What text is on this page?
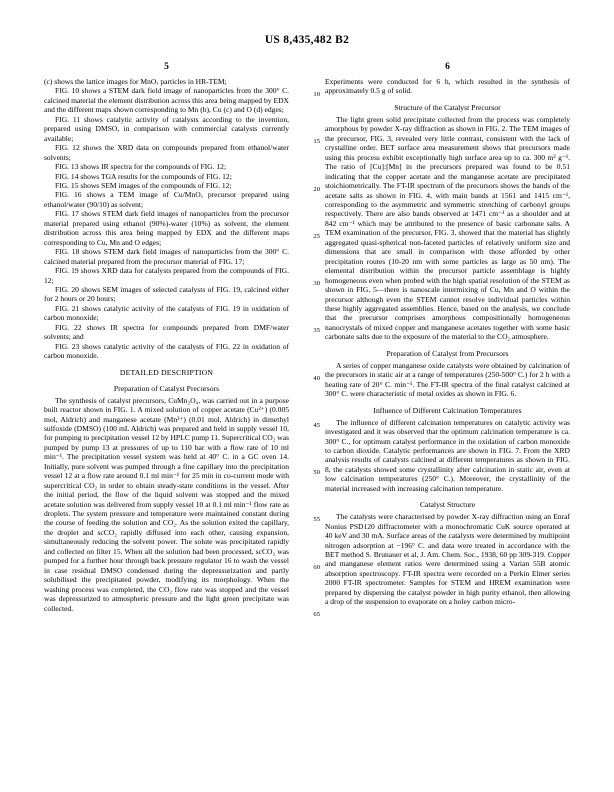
US 8,435,482 B2
5

(c) shows the lattice images for MnOₓ particles in HR-TEM;

FIG. 10 shows a STEM dark field image of nanoparticles from the 300° C. calcined material the element distribution across this area being mapped by EDX and the different maps shown corresponding to Mn (b), Cu (c) and O (d) edges;

FIG. 11 shows catalytic activity of catalysts according to the invention, prepared using DMSO, in comparison with commercial catalysts currently available;

FIG. 12 shows the XRD data on compounds prepared from ethanol/water solvents;

FIG. 13 shows IR spectra for the compounds of FIG. 12;

FIG. 14 shows TGA results for the compounds of FIG. 12;

FIG. 15 shows SEM images of the compounds of FIG. 12;

FIG. 16 shows a TEM image of Cu/MnOₓ precursor prepared using ethanol/water (90/10) as solvent;

FIG. 17 shows STEM dark field images of nanoparticles from the precursor material prepared using ethanol (90%)-water (10%) as solvent, the element distribution across this area being mapped by EDX and the different maps corresponding to Cu, Mn and O edges;

FIG. 18 shows STEM dark field images of nanoparticles from the 300° C. calcined material prepared from the precursor material of FIG. 17;

FIG. 19 shows XRD data for catalysts prepared from the compounds of FIG. 12;

FIG. 20 shows SEM images of selected catalysts of FIG. 19, calcined either for 2 hours or 20 hours;

FIG. 21 shows catalytic activity of the catalysts of FIG. 19 in oxidation of carbon monoxide;

FIG. 22 shows IR spectra for compounds prepared from DMF/water solvents; and

FIG. 23 shows catalytic activity of the catalysts of FIG. 22 in oxidation of carbon monoxide.

DETAILED DESCRIPTION
Preparation of Catalyst Precursors

The synthesis of catalyst precursors, CuMn₂O₄, was carried out in a purpose built reactor shown in FIG. 1. A mixed solution of copper acetate (Cu²⁺) (0.005 mol, Aldrich) and manganese acetate (Mn²⁺) (0.01 mol, Aldrich) in dimethyl sulfoxide (DMSO) (100 mL Aldrich) was prepared and held in supply vessel 10, for pumping to precipitation vessel 12 by HPLC pump 11. Supercritical CO₂ was pumped by pump 13 at pressures of up to 110 bar with a flow rate of 10 ml min⁻¹. The precipitation vessel system was held at 40° C. in a GC oven 14. Initially, pure solvent was pumped through a fine capillary into the precipitation vessel 12 at a flow rate around 0.1 ml min⁻¹ for 25 min in co-current mode with supercritical CO₂ in order to obtain steady-state conditions in the vessel. After the initial period, the flow of the liquid solvent was stopped and the mixed acetate solution was delivered from supply vessel 10 at 0.1 ml min⁻¹ flow rate as droplets. The system pressure and temperature were maintained constant during the course of feeding the solution and CO₂. As the solution exited the capillary, the droplet and scCO₂ rapidly diffused into each other, causing expansion, simultaneously reducing the solvent power. The solute was precipitated rapidly and collected on filter 15. When all the solution had been processed, scCO₂ was pumped for a further hour through back pressure regulator 16 to wash the vessel in case residual DMSO condensed during the depressurization and partly solubilised the precipitated powder, modifying its morphology. When the washing process was completed, the CO₂ flow rate was stopped and the vessel was depressurized to atmospheric pressure and the light green precipitate was collected.

6
10
15
20
25
30
35
40
45
50
55
60
65

Experiments were conducted for 6 h, which resulted in the synthesis of approximately 0.5 g of solid.

Structure of the Catalyst Precursor

The light green solid precipitate collected from the process was completely amorphous by powder X-ray diffraction as shown in FIG. 2. The TEM images of the precursor, FIG. 3, revealed very little contrast, consistent with the lack of crystalline order. BET surface area measurement shows that precursors made using this process exhibit exceptionally high surface area up to ca. 300 m² g⁻¹. The ratio of [Cu]:[Mn] in the precursors prepared was found to be 0.51 indicating that the copper acetate and the manganese acetate are precipitated stoichiometrically. The FT-IR spectrum of the precursors shows the bands of the acetate salts as shown in FIG. 4, with main bands at 1561 and 1415 cm⁻¹, corresponding to the asymmetric and symmetric stretching of carbonyl groups respectively. There are also bands observed at 1471 cm⁻¹ as a shoulder and at 842 cm⁻¹ which may be attributed to the presence of basic carbonate salts. A TEM examination of the precursor, FIG. 3, showed that the material has slightly aggregated quasi-spherical non-faceted particles of relatively uniform size and dimensions that are small in comparison with those afforded by other precipitation routes (10-20 nm with some particles as large as 50 nm). The elemental distribution within the precursor particle assemblage is highly homogeneous even when probed with the high spatial resolution of the STEM as shown in FIG. 5—there is nanoscale intermixing of Cu, Mn and O within the precursor although even the STEM cannot resolve individual particles within these highly aggregated assemblies. Hence, based on the analysis, we conclude that the precursor comprises amorphous compositionally homogeneous nanocrystals of mixed copper and manganese acetates together with some basic carbonate salts due to the exposure of the material to the CO₂ atmosphere.

Preparation of Catalyst from Precursors

A series of copper manganese oxide catalysts were obtained by calcination of the precursors in static air at a range of temperatures (250-500° C.) for 2 h with a heating rate of 20° C. min⁻¹. The FT-IR spectra of the final catalyst calcined at 300° C. were characteristic of metal oxides as shown in FIG. 6.

Influence of Different Calcination Temperatures

The influence of different calcination temperatures on catalytic activity was investigated and it was observed that the optimum calcination temperature is ca. 300° C., for optimum catalyst performance in the oxidation of carbon monoxide to carbon dioxide. Catalytic performances are shown in FIG. 7. From the XRD analysis results of catalysts calcined at different temperatures as shown in FIG. 8, the catalysts showed some crystallinity after calcination in static air, even at low calcination temperatures (250° C.). Moreover, the crystallinity of the material increased with increasing calcination temperature.

Catalyst Structure

The catalysts were characterised by powder X-ray diffraction using an Enraf Nonius PSD120 diffractometer with a monochromatic CuK source operated at 40 keV and 30 mA. Surface areas of the catalysts were determined by multipoint nitrogen adsorption at −196° C. and data were treated in accordance with the BET method S. Brunauer et al, J. Am. Chem. Soc., 1938, 60 pp 309-319. Copper and manganese element ratios were determined using a Varian 55B atomic absorption spectroscopy. FT-IR spectra were recorded on a Perkin Elmer series 2000 FT-IR spectrometer. Samples for STEM and HREM examination were prepared by dispersing the catalyst powder in high purity ethanol, then allowing a drop of the suspension to evaporate on a holey carbon micro-
